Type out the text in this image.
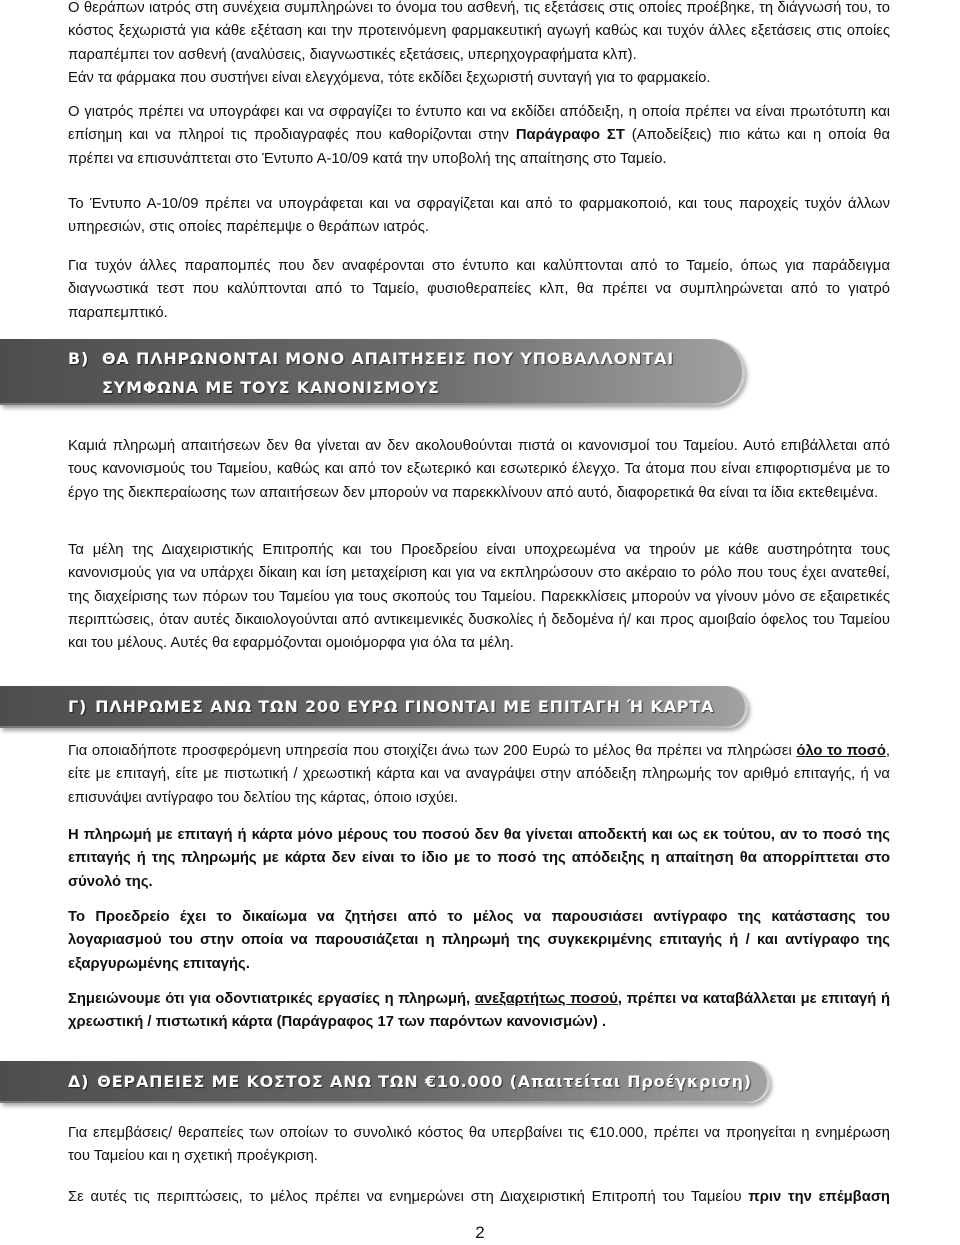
Ο θεράπων ιατρός στη συνέχεια συμπληρώνει το όνομα του ασθενή, τις εξετάσεις στις οποίες προέβηκε, τη διάγνωσή του, το κόστος ξεχωριστά για κάθε εξέταση και την προτεινόμενη φαρμακευτική αγωγή καθώς και τυχόν άλλες εξετάσεις στις οποίες παραπέμπει τον ασθενή (αναλύσεις, διαγνωστικές εξετάσεις, υπερηχογραφήματα κλπ).
Εάν τα φάρμακα που συστήνει είναι ελεγχόμενα, τότε εκδίδει ξεχωριστή συνταγή για το φαρμακείο.

Ο γιατρός πρέπει να υπογράφει και να σφραγίζει το έντυπο και να εκδίδει απόδειξη, η οποία πρέπει να είναι πρωτότυπη και επίσημη και να πληροί τις προδιαγραφές που καθορίζονται στην Παράγραφο ΣΤ (Αποδείξεις) πιο κάτω και η οποία θα πρέπει να επισυνάπτεται στο Έντυπο Α-10/09 κατά την υποβολή της απαίτησης στο Ταμείο.

Το Έντυπο Α-10/09 πρέπει να υπογράφεται και να σφραγίζεται και από το φαρμακοποιό, και τους παροχείς τυχόν άλλων υπηρεσιών, στις οποίες παρέπεμψε ο θεράπων ιατρός.

Για τυχόν άλλες παραπομπές που δεν αναφέρονται στο έντυπο και καλύπτονται από το Ταμείο, όπως για παράδειγμα διαγνωστικά τεστ που καλύπτονται από το Ταμείο, φυσιοθεραπείες κλπ, θα πρέπει να συμπληρώνεται από το γιατρό παραπεμπτικό.

Β) ΘΑ ΠΛΗΡΩΝΟΝΤΑΙ ΜΟΝΟ ΑΠΑΙΤΗΣΕΙΣ ΠΟΥ ΥΠΟΒΑΛΛΟΝΤΑΙ
ΣΥΜΦΩΝΑ ΜΕ ΤΟΥΣ ΚΑΝΟΝΙΣΜΟΥΣ

Καμιά πληρωμή απαιτήσεων δεν θα γίνεται αν δεν ακολουθούνται πιστά οι κανονισμοί του Ταμείου. Αυτό επιβάλλεται από τους κανονισμούς του Ταμείου, καθώς και από τον εξωτερικό και εσωτερικό έλεγχο. Τα άτομα που είναι επιφορτισμένα με το έργο της διεκπεραίωσης των απαιτήσεων δεν μπορούν να παρεκκλίνουν από αυτό, διαφορετικά θα είναι τα ίδια εκτεθειμένα.

Τα μέλη της Διαχειριστικής Επιτροπής και του Προεδρείου είναι υποχρεωμένα να τηρούν με κάθε αυστηρότητα τους κανονισμούς για να υπάρχει δίκαιη και ίση μεταχείριση και για να εκπληρώσουν στο ακέραιο το ρόλο που τους έχει ανατεθεί, της διαχείρισης των πόρων του Ταμείου για τους σκοπούς του Ταμείου. Παρεκκλίσεις μπορούν να γίνουν μόνο σε εξαιρετικές περιπτώσεις, όταν αυτές δικαιολογούνται από αντικειμενικές δυσκολίες ή δεδομένα ή/ και προς αμοιβαίο όφελος του Ταμείου και του μέλους. Αυτές θα εφαρμόζονται ομοιόμορφα για όλα τα μέλη.

Γ) ΠΛΗΡΩΜΕΣ ΑΝΩ ΤΩΝ 200 ΕΥΡΩ ΓΙΝΟΝΤΑΙ ΜΕ ΕΠΙΤΑΓΗ Ή ΚΑΡΤΑ

Για οποιαδήποτε προσφερόμενη υπηρεσία που στοιχίζει άνω των 200 Ευρώ το μέλος θα πρέπει να πληρώσει όλο το ποσό, είτε με επιταγή, είτε με πιστωτική / χρεωστική κάρτα και να αναγράψει στην απόδειξη πληρωμής τον αριθμό επιταγής, ή να επισυνάψει αντίγραφο του δελτίου της κάρτας, όποιο ισχύει.

Η πληρωμή με επιταγή ή κάρτα μόνο μέρους του ποσού δεν θα γίνεται αποδεκτή και ως εκ τούτου, αν το ποσό της επιταγής ή της πληρωμής με κάρτα δεν είναι το ίδιο με το ποσό της απόδειξης η απαίτηση θα απορρίπτεται στο σύνολό της.

Το Προεδρείο έχει το δικαίωμα να ζητήσει από το μέλος να παρουσιάσει αντίγραφο της κατάστασης του λογαριασμού του στην οποία να παρουσιάζεται η πληρωμή της συγκεκριμένης επιταγής ή / και αντίγραφο της εξαργυρωμένης επιταγής.

Σημειώνουμε ότι για οδοντιατρικές εργασίες η πληρωμή, ανεξαρτήτως ποσού, πρέπει να καταβάλλεται με επιταγή ή χρεωστική / πιστωτική κάρτα (Παράγραφος 17 των παρόντων κανονισμών) .

Δ) ΘΕΡΑΠΕΙΕΣ ΜΕ ΚΟΣΤΟΣ ΑΝΩ ΤΩΝ €10.000 (Απαιτείται Προέγκριση)

Για επεμβάσεις/ θεραπείες των οποίων το συνολικό κόστος θα υπερβαίνει τις €10.000, πρέπει να προηγείται η ενημέρωση του Ταμείου και η σχετική προέγκριση.

Σε αυτές τις περιπτώσεις, το μέλος πρέπει να ενημερώνει στη Διαχειριστική Επιτροπή του Ταμείου πριν την επέμβαση

2
